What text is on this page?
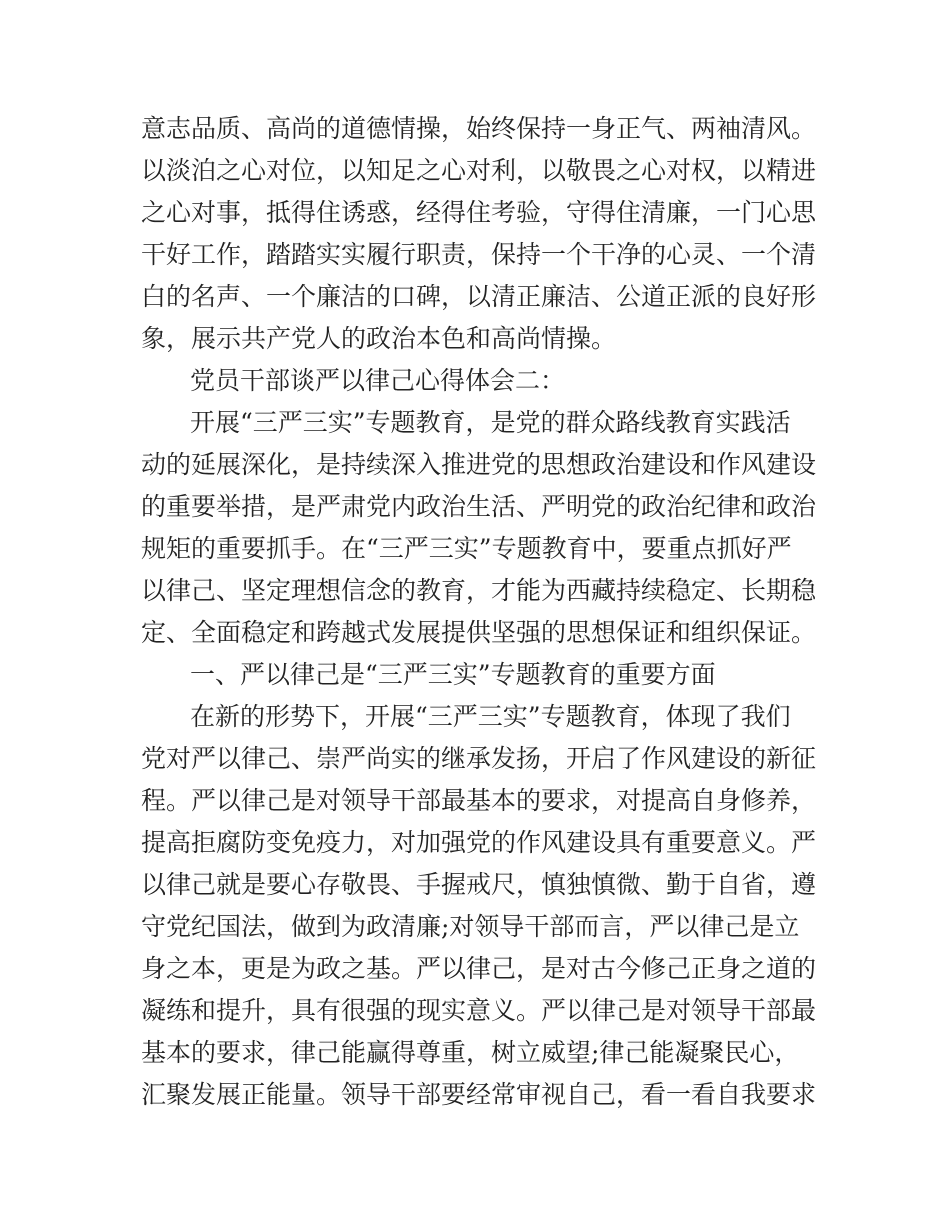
意志品质、高尚的道德情操，始终保持一身正气、两袖清风。
以淡泊之心对位，以知足之心对利，以敬畏之心对权，以精进
之心对事，抵得住诱惑，经得住考验，守得住清廉，一门心思
干好工作，踏踏实实履行职责，保持一个干净的心灵、一个清
白的名声、一个廉洁的口碑，以清正廉洁、公道正派的良好形
象，展示共产党人的政治本色和高尚情操。
党员干部谈严以律己心得体会二：
开展“三严三实”专题教育，是党的群众路线教育实践活
动的延展深化，是持续深入推进党的思想政治建设和作风建设
的重要举措，是严肃党内政治生活、严明党的政治纪律和政治
规矩的重要抓手。在“三严三实”专题教育中，要重点抓好严
以律己、坚定理想信念的教育，才能为西藏持续稳定、长期稳
定、全面稳定和跨越式发展提供坚强的思想保证和组织保证。
一、严以律己是“三严三实”专题教育的重要方面
在新的形势下，开展“三严三实”专题教育，体现了我们
党对严以律己、崇严尚实的继承发扬，开启了作风建设的新征
程。严以律己是对领导干部最基本的要求，对提高自身修养，
提高拒腐防变免疫力，对加强党的作风建设具有重要意义。严
以律己就是要心存敬畏、手握戒尺，慎独慎微、勤于自省，遵
守党纪国法，做到为政清廉;对领导干部而言，严以律己是立
身之本，更是为政之基。严以律己，是对古今修己正身之道的
凝练和提升，具有很强的现实意义。严以律己是对领导干部最
基本的要求，律己能赢得尊重，树立威望;律己能凝聚民心，
汇聚发展正能量。领导干部要经常审视自己，看一看自我要求
